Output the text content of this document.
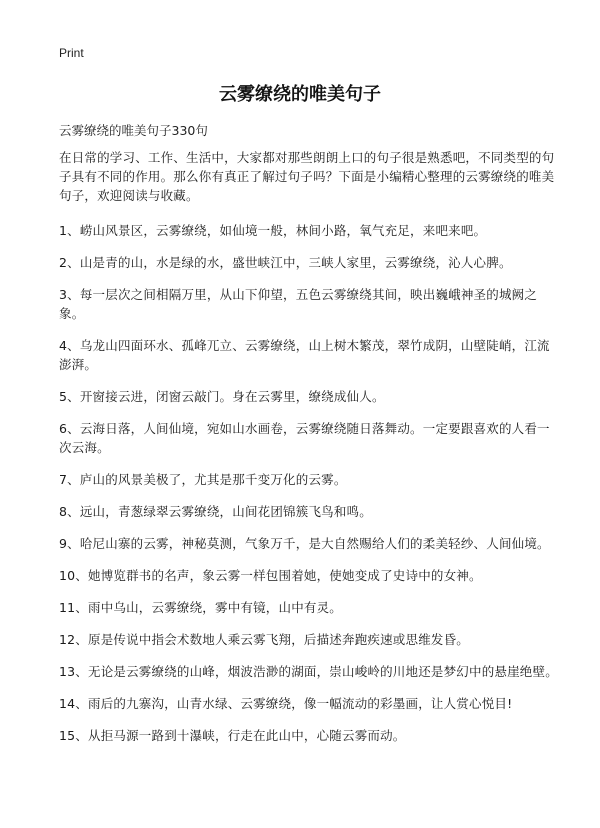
Print
云雾缭绕的唯美句子
云雾缭绕的唯美句子330句

在日常的学习、工作、生活中，大家都对那些朗朗上口的句子很是熟悉吧，不同类型的句子具有不同的作用。那么你有真正了解过句子吗？下面是小编精心整理的云雾缭绕的唯美句子，欢迎阅读与收藏。

1、崂山风景区，云雾缭绕，如仙境一般，林间小路，氧气充足，来吧来吧。

2、山是青的山，水是绿的水，盛世峡江中，三峡人家里，云雾缭绕，沁人心脾。

3、每一层次之间相隔万里，从山下仰望，五色云雾缭绕其间，映出巍峨神圣的城阙之象。

4、乌龙山四面环水、孤峰兀立、云雾缭绕，山上树木繁茂，翠竹成阴，山壁陡峭，江流澎湃。

5、开窗接云进，闭窗云敲门。身在云雾里，缭绕成仙人。

6、云海日落，人间仙境，宛如山水画卷，云雾缭绕随日落舞动。一定要跟喜欢的人看一次云海。

7、庐山的风景美极了，尤其是那千变万化的云雾。

8、远山，青葱绿翠云雾缭绕，山间花团锦簇飞鸟和鸣。

9、哈尼山寨的云雾，神秘莫测，气象万千，是大自然赐给人们的柔美轻纱、人间仙境。

10、她博览群书的名声，象云雾一样包围着她，使她变成了史诗中的女神。

11、雨中乌山，云雾缭绕，雾中有镜，山中有灵。

12、原是传说中指会术数地人乘云雾飞翔，后描述奔跑疾速或思维发昏。

13、无论是云雾缭绕的山峰，烟波浩渺的湖面，崇山峻岭的川地还是梦幻中的悬崖绝壁。

14、雨后的九寨沟，山青水绿、云雾缭绕，像一幅流动的彩墨画，让人赏心悦目!

15、从拒马源一路到十瀑峡，行走在此山中，心随云雾而动。
